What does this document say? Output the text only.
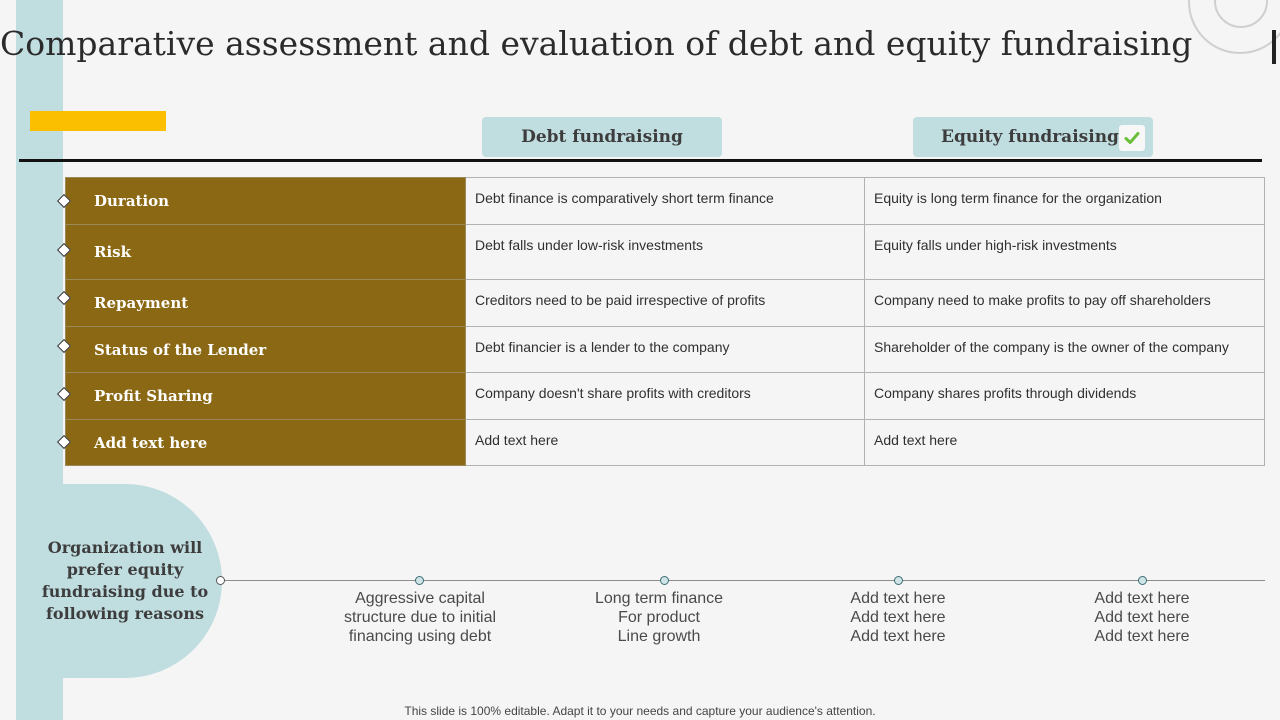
Comparative assessment and evaluation of debt and equity fundraising
Debt fundraising	Equity fundraising
Duration	Debt finance is comparatively short term finance	Equity is long term finance for the organization
Risk	Debt falls under low-risk investments	Equity falls under high-risk investments
Repayment	Creditors need to be paid irrespective of profits	Company need to make profits to pay off shareholders
Status of the Lender	Debt financier is a lender to the company	Shareholder of the company is the owner of the company
Profit Sharing	Company doesn't share profits with creditors	Company shares profits through dividends
Add text here	Add text here	Add text here
Organization will prefer equity fundraising due to following reasons
Aggressive capital
structure due to initial
financing using debt
Long term finance
For product
Line growth
Add text here
Add text here
Add text here
Add text here
Add text here
Add text here
This slide is 100% editable. Adapt it to your needs and capture your audience's attention.
